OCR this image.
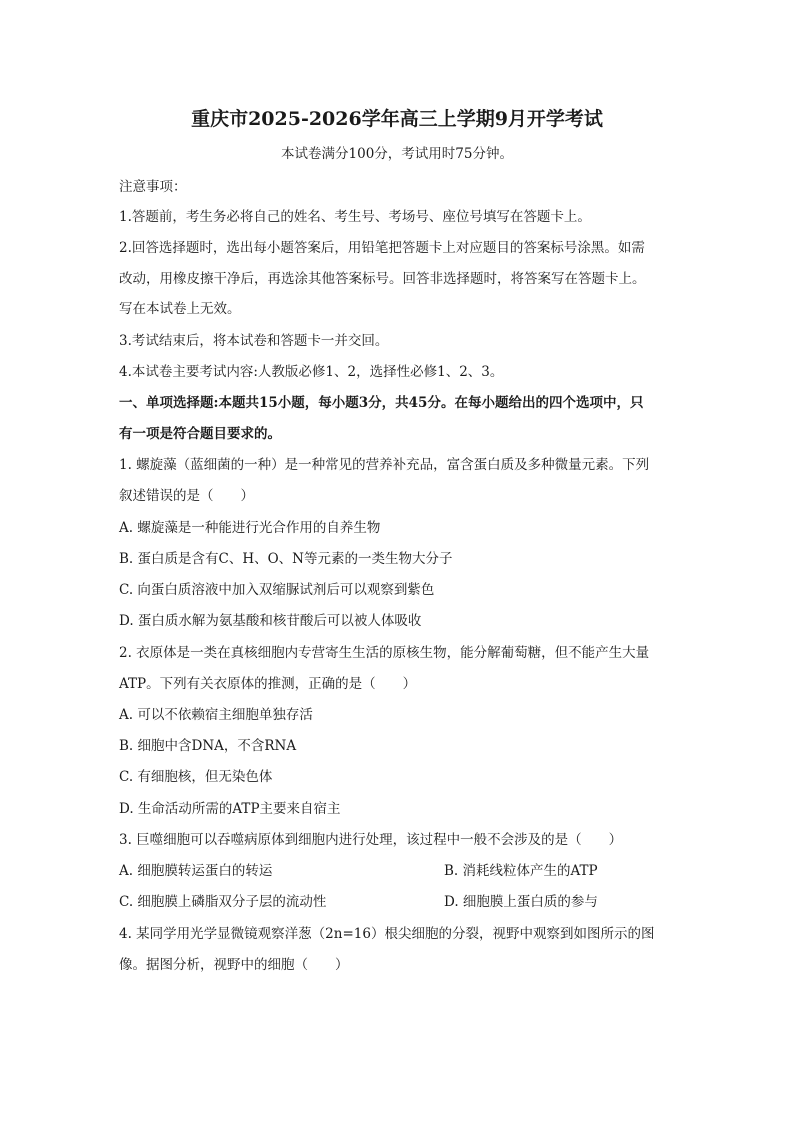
重庆市2025-2026学年高三上学期9月开学考试
本试卷满分100分，考试用时75分钟。
注意事项：
1.答题前，考生务必将自己的姓名、考生号、考场号、座位号填写在答题卡上。
2.回答选择题时，选出每小题答案后，用铅笔把答题卡上对应题目的答案标号涂黑。如需
改动，用橡皮擦干净后，再选涂其他答案标号。回答非选择题时，将答案写在答题卡上。
写在本试卷上无效。
3.考试结束后，将本试卷和答题卡一并交回。
4.本试卷主要考试内容:人教版必修1、2，选择性必修1、2、3。
一、单项选择题:本题共15小题，每小题3分，共45分。在每小题给出的四个选项中，只
有一项是符合题目要求的。
1. 螺旋藻（蓝细菌的一种）是一种常见的营养补充品，富含蛋白质及多种微量元素。下列
叙述错误的是（　　）
A. 螺旋藻是一种能进行光合作用的自养生物
B. 蛋白质是含有C、H、O、N等元素的一类生物大分子
C. 向蛋白质溶液中加入双缩脲试剂后可以观察到紫色
D. 蛋白质水解为氨基酸和核苷酸后可以被人体吸收
2. 衣原体是一类在真核细胞内专营寄生生活的原核生物，能分解葡萄糖，但不能产生大量
ATP。下列有关衣原体的推测，正确的是（　　）
A. 可以不依赖宿主细胞单独存活
B. 细胞中含DNA，不含RNA
C. 有细胞核，但无染色体
D. 生命活动所需的ATP主要来自宿主
3. 巨噬细胞可以吞噬病原体到细胞内进行处理，该过程中一般不会涉及的是（　　）
A. 细胞膜转运蛋白的转运	B. 消耗线粒体产生的ATP
C. 细胞膜上磷脂双分子层的流动性	D. 细胞膜上蛋白质的参与
4. 某同学用光学显微镜观察洋葱（2n=16）根尖细胞的分裂，视野中观察到如图所示的图
像。据图分析，视野中的细胞（　　）
